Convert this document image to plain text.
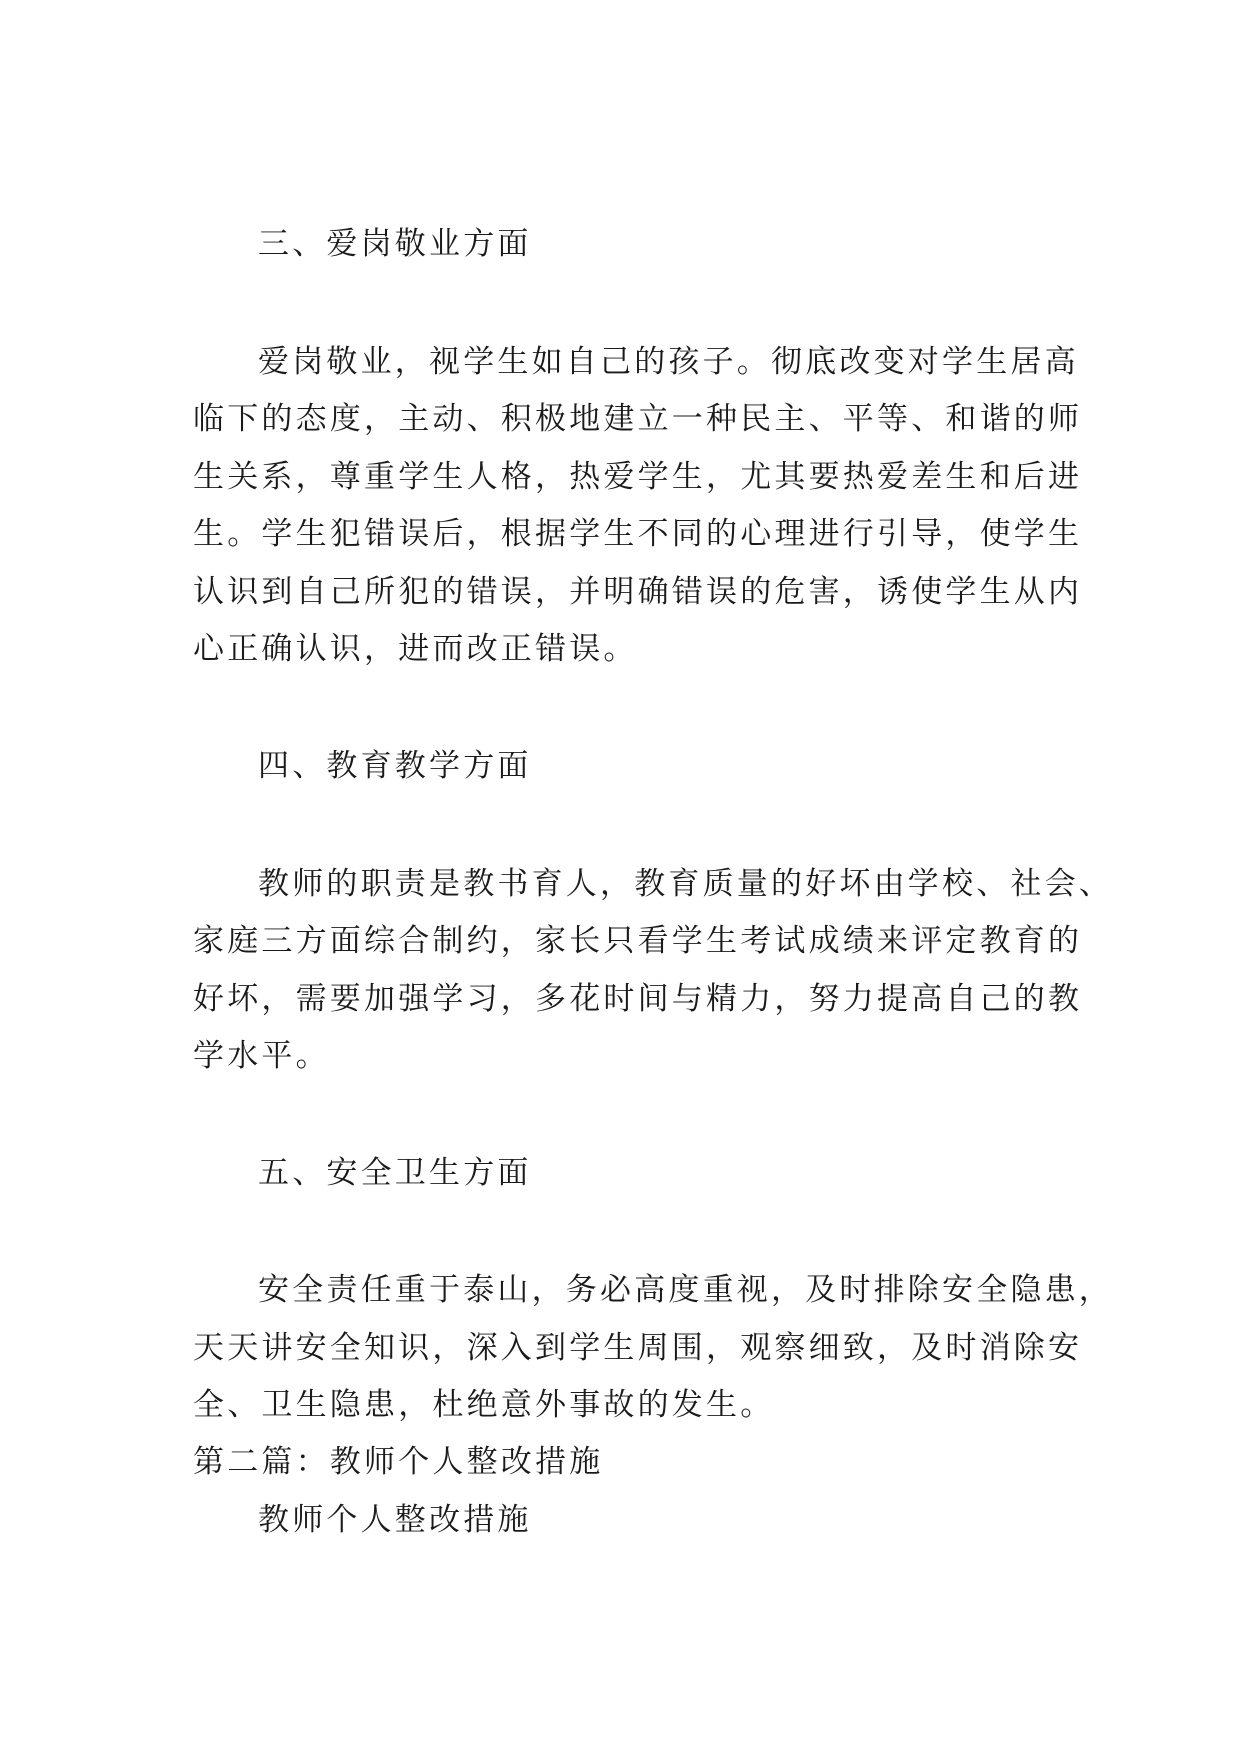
三、爱岗敬业方面
爱岗敬业，视学生如自己的孩子。彻底改变对学生居高
临下的态度，主动、积极地建立一种民主、平等、和谐的师
生关系，尊重学生人格，热爱学生，尤其要热爱差生和后进
生。学生犯错误后，根据学生不同的心理进行引导，使学生
认识到自己所犯的错误，并明确错误的危害，诱使学生从内
心正确认识，进而改正错误。
四、教育教学方面
教师的职责是教书育人，教育质量的好坏由学校、社会、
家庭三方面综合制约，家长只看学生考试成绩来评定教育的
好坏，需要加强学习，多花时间与精力，努力提高自己的教
学水平。
五、安全卫生方面
安全责任重于泰山，务必高度重视，及时排除安全隐患，
天天讲安全知识，深入到学生周围，观察细致，及时消除安
全、卫生隐患，杜绝意外事故的发生。
第二篇：教师个人整改措施
教师个人整改措施
